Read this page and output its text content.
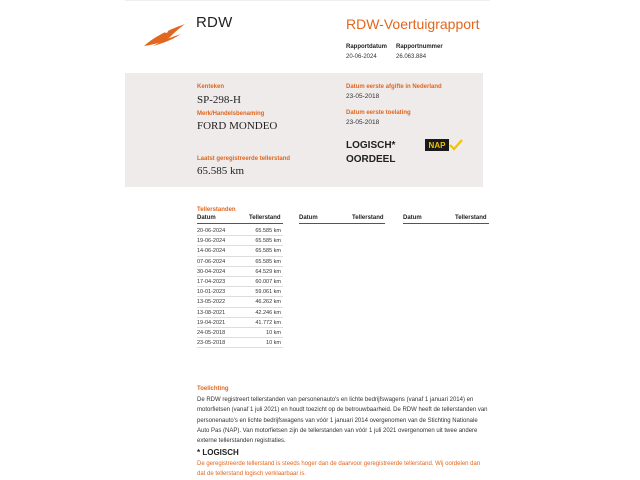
RDW	RDW-Voertuigrapport
Rapportdatum
20-06-2024
Rapportnummer
26.063.884
Kenteken
SP-298-H
Merk/Handelsbenaming
FORD MONDEO
Laatst geregistreerde tellerstand
65.585 km
Datum eerste afgifte in Nederland
23-05-2018
Datum eerste toelating
23-05-2018
LOGISCH* OORDEEL
NAP
Tellerstanden
Datum	Tellerstand	Datum	Tellerstand	Datum	Tellerstand
20-06-2024	65.585 km
19-06-2024	65.585 km
14-06-2024	65.585 km
07-06-2024	65.585 km
30-04-2024	64.529 km
17-04-2023	60.007 km
10-01-2023	59.061 km
13-05-2022	46.262 km
13-08-2021	42.246 km
19-04-2021	41.772 km
24-05-2018	10 km
23-05-2018	10 km
Toelichting
De RDW registreert tellerstanden van personenauto's en lichte bedrijfswagens (vanaf 1 januari 2014) en motorfietsen (vanaf 1 juli 2021) en houdt toezicht op de betrouwbaarheid. De RDW heeft de tellerstanden van personenauto's en lichte bedrijfswagens van vóór 1 januari 2014 overgenomen van de Stichting Nationale Auto Pas (NAP). Van motorfietsen zijn de tellerstanden van vóór 1 juli 2021 overgenomen uit twee andere externe tellerstanden registraties.
* LOGISCH
De geregistreerde tellerstand is steeds hoger dan de daarvoor geregistreerde tellerstand. Wij oordelen dan dat de tellerstand logisch verklaarbaar is.
